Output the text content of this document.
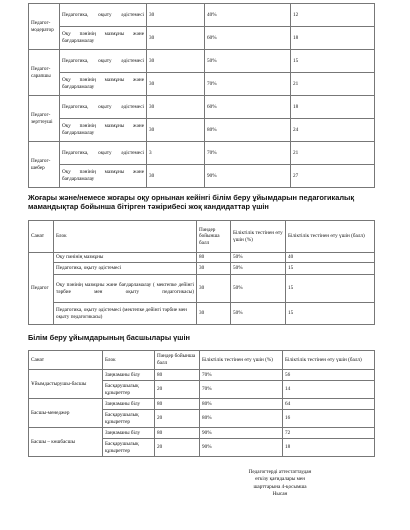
Педагог-модератор	Педагогика, оқыту әдістемесі	30	40%	12
	Оқу пәнінің мазмұны және бағдарламалау	30	60%	18
Педагог-сарапшы	Педагогика, оқыту әдістемесі	30	50%	15
	Оқу пәнінің мазмұны және бағдарламалау	30	70%	21
Педагог-зерттеуші	Педагогика, оқыту әдістемесі	30	60%	18
	Оқу пәнінің мазмұны және бағдарламалау	30	80%	24
Педагог-шебер	Педагогика, оқыту әдістемесі	3	70%	21
	Оқу пәнінің мазмұны және бағдарламалау	30	90%	27
Жоғары және/немесе жоғары оқу орнынан кейінгі білім беру ұйымдарын педагогикалық мамандықтар бойынша бітірген тәжірибесі жоқ кандидаттар үшін
Санат	Блок	Пәндер бойынша балл	Біліктілік тестінен өту үшін (%)	Біліктілік тестінен өту үшін (балл)
Педагог	Оқу пәнінің мазмұны	80	50%	40
	Педагогика, оқыту әдістемесі	30	50%	15
	Оқу пәнінің мазмұны және бағдарламалау ( мектепке дейінгі тәрбие мен оқыту педагогикасы)	30	50%	15
	Педагогика, оқыту әдістемесі (мектепке дейінгі тәрбие мен оқыту педагогикасы)	30	50%	15
Білім беру ұйымдарының басшылары үшін
Санат	Блок	Пәндер бойынша балл	Біліктілік тестінен өту үшін (%)	Біліктілік тестінен өту үшін (балл)
Ұйымдастырушы-басшы	Заңнаманы білу	80	70%	56
	Басқарушылық құзыреттер	20	70%	14
Басшы-менеджер	Заңнаманы білу	80	80%	64
	Басқарушылық құзыреттер	20	80%	16
Басшы – көшбасшы	Заңнаманы білу	80	90%	72
	Басқарушылық құзыреттер	20	90%	18
Педагогтерді аттестаттаудан
өткізу қағидалары мен
шарттарына 4-қосымша
Нысан
